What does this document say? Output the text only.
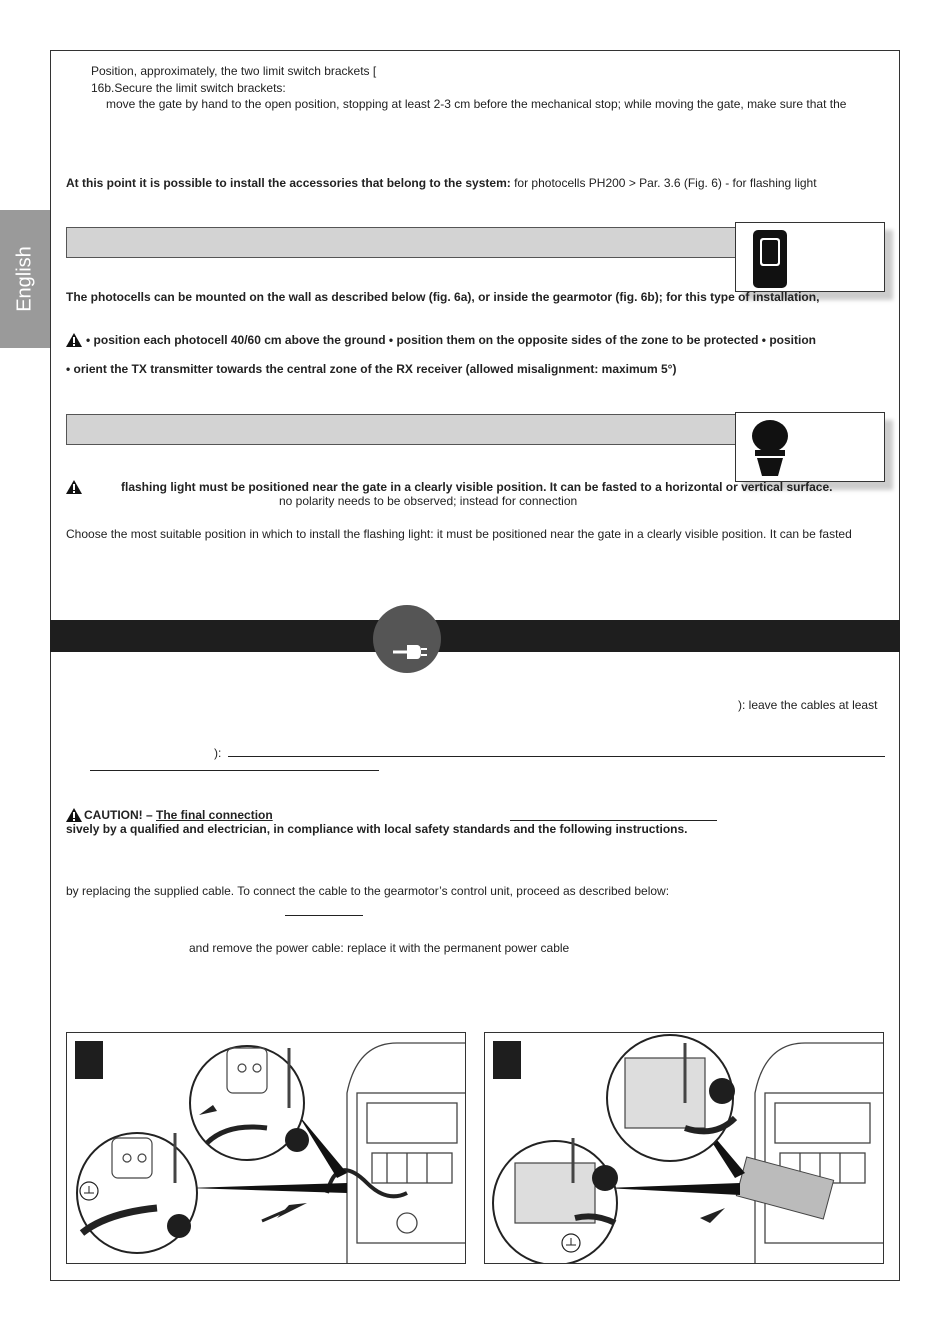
English
Position, approximately, the two limit switch brackets [
16b.Secure the limit switch brackets:
move the gate by hand to the open position, stopping at least 2-3 cm before the mechanical stop; while moving the gate, make sure that the
At this point it is possible to install the accessories that belong to the system: for photocells PH200 > Par. 3.6 (Fig. 6) - for flashing light
The photocells can be mounted on the wall as described below (fig. 6a), or inside the gearmotor (fig. 6b); for this type of installation,
• position each photocell 40/60 cm above the ground • position them on the opposite sides of the zone to be protected • position
• orient the TX transmitter towards the central zone of the RX receiver (allowed misalignment: maximum 5°)
flashing light must be positioned near the gate in a clearly visible position. It can be fasted to a horizontal or vertical surface.
no polarity needs to be observed; instead for connection
Choose the most suitable position in which to install the flashing light: it must be positioned near the gate in a clearly visible position. It can be fasted
): leave the cables at least
):
CAUTION! – The final connection
sively by a qualified and electrician, in compliance with local safety standards and the following instructions.
by replacing the supplied cable. To connect the cable to the gearmotor’s control unit, proceed as described below:
and remove the power cable: replace it with the permanent power cable
